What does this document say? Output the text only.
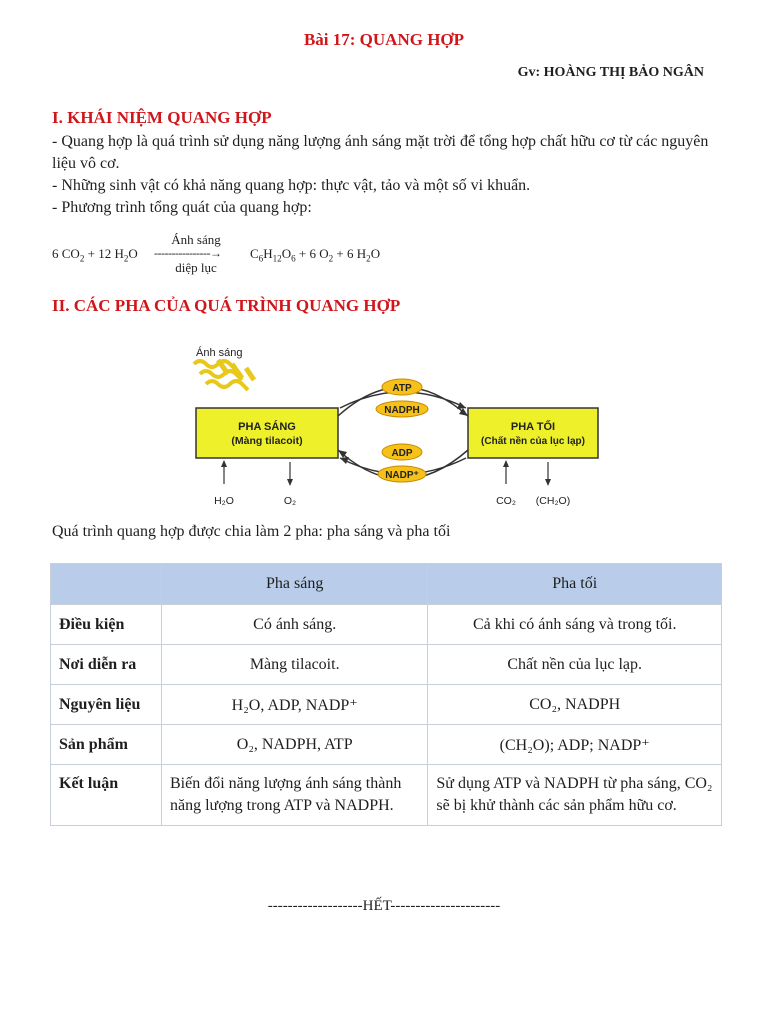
Bài 17: QUANG HỢP
Gv: HOÀNG THỊ BẢO NGÂN
I. KHÁI NIỆM QUANG HỢP
- Quang hợp là quá trình sử dụng năng lượng ánh sáng mặt trời để tổng hợp chất hữu cơ từ các nguyên liệu vô cơ.
- Những sinh vật có khả năng quang hợp: thực vật, tảo và một số vi khuẩn.
- Phương trình tổng quát của quang hợp:
6 $CO_2 + 12$ $H_2O$
Ánh sáng
----------------→
diệp lục
$C_6H_{12}O_6 + 6$ $O_2 + 6$ $H_2O$
II. CÁC PHA CỦA QUÁ TRÌNH QUANG HỢP
Ánh sáng
PHA SÁNG
(Màng tilacoit)
PHA TỐI
(Chất nền của lục lạp)
ATP
NADPH
ADP
NADP⁺
H₂O	O₂	CO₂ (CH₂O)
Quá trình quang hợp được chia làm 2 pha: pha sáng và pha tối
	Pha sáng	Pha tối
Điều kiện	Có ánh sáng.	Cả khi có ánh sáng và trong tối.
Nơi diễn ra	Màng tilacoit.	Chất nền của lục lạp.
Nguyên liệu	H₂O, ADP, NADP⁺	CO₂, NADPH
Sản phẩm	O₂, NADPH, ATP	(CH₂O); ADP; NADP⁺
Kết luận	Biến đổi năng lượng ánh sáng thành năng lượng trong ATP và NADPH.	Sử dụng ATP và NADPH từ pha sáng, CO₂ sẽ bị khử thành các sản phẩm hữu cơ.
-------------------HẾT----------------------
